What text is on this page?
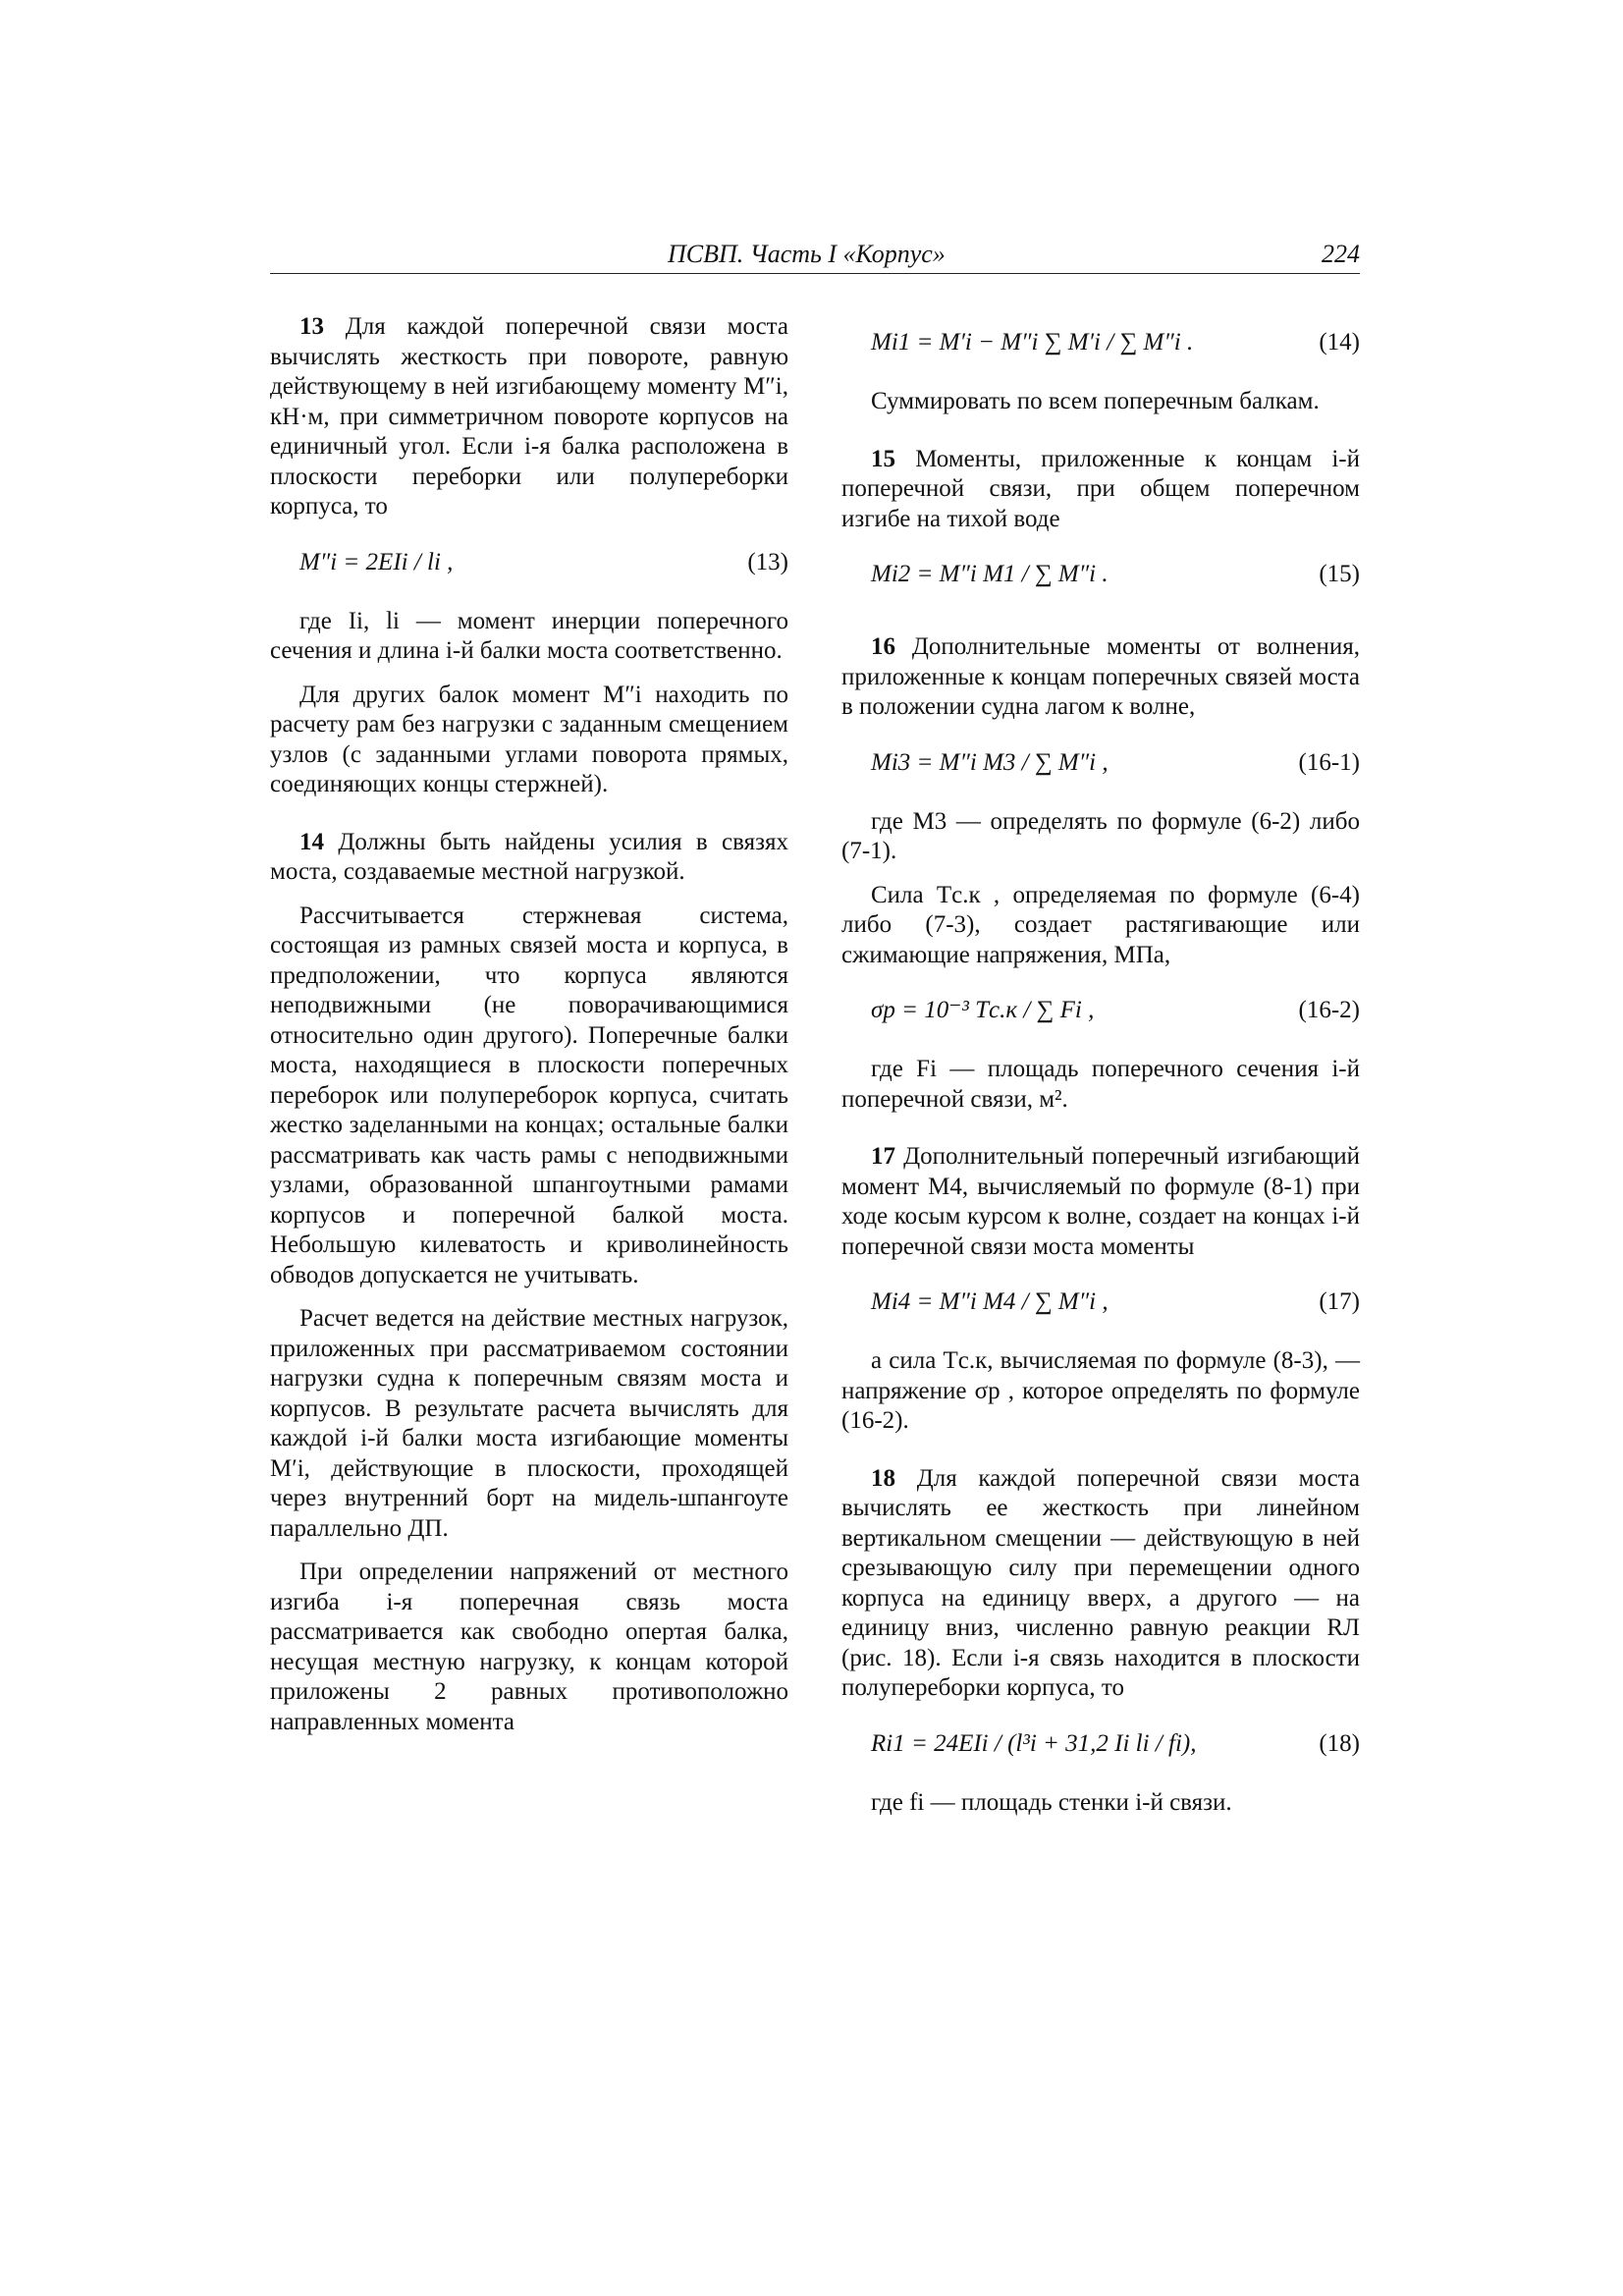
ПСВП. Часть I «Корпус»	224

13 Для каждой поперечной связи моста вычислять жесткость при повороте, равную действующему в ней изгибающему моменту M″i, кН·м, при симметричном повороте корпусов на единичный угол. Если i-я балка расположена в плоскости переборки или полупереборки корпуса, то

M″i = 2EIi / li ,	(13)

где Ii, li — момент инерции поперечного сечения и длина i-й балки моста соответственно.

Для других балок момент M″i находить по расчету рам без нагрузки с заданным смещением узлов (с заданными углами поворота прямых, соединяющих концы стержней).

14 Должны быть найдены усилия в связях моста, создаваемые местной нагрузкой.

Рассчитывается стержневая система, состоящая из рамных связей моста и корпуса, в предположении, что корпуса являются неподвижными (не поворачивающимися относительно один другого). Поперечные балки моста, находящиеся в плоскости поперечных переборок или полупереборок корпуса, считать жестко заделанными на концах; остальные балки рассматривать как часть рамы с неподвижными узлами, образованной шпангоутными рамами корпусов и поперечной балкой моста. Небольшую килеватость и криволинейность обводов допускается не учитывать.

Расчет ведется на действие местных нагрузок, приложенных при рассматриваемом состоянии нагрузки судна к поперечным связям моста и корпусов. В результате расчета вычислять для каждой i-й балки моста изгибающие моменты M′i, действующие в плоскости, проходящей через внутренний борт на мидель-шпангоуте параллельно ДП.

При определении напряжений от местного изгиба i-я поперечная связь моста рассматривается как свободно опертая балка, несущая местную нагрузку, к концам которой приложены 2 равных противоположно направленных момента

Mi1 = M′i − M″i ∑ M′i / ∑ M″i .	(14)

Суммировать по всем поперечным балкам.

15 Моменты, приложенные к концам i-й поперечной связи, при общем поперечном изгибе на тихой воде

Mi2 = M″i M1 / ∑ M″i .	(15)

16 Дополнительные моменты от волнения, приложенные к концам поперечных связей моста в положении судна лагом к волне,

Mi3 = M″i M3 / ∑ M″i ,	(16-1)

где M3 — определять по формуле (6-2) либо (7-1).

Сила Tс.к , определяемая по формуле (6-4) либо (7-3), создает растягивающие или сжимающие напряжения, МПа,

σр = 10⁻³ Tс.к / ∑ Fi ,	(16-2)

где Fi — площадь поперечного сечения i-й поперечной связи, м².

17 Дополнительный поперечный изгибающий момент M4, вычисляемый по формуле (8-1) при ходе косым курсом к волне, создает на концах i-й поперечной связи моста моменты

Mi4 = M″i M4 / ∑ M″i ,	(17)

а сила Tс.к, вычисляемая по формуле (8-3), — напряжение σр , которое определять по формуле (16-2).

18 Для каждой поперечной связи моста вычислять ее жесткость при линейном вертикальном смещении — действующую в ней срезывающую силу при перемещении одного корпуса на единицу вверх, а другого — на единицу вниз, численно равную реакции RЛ (рис. 18). Если i-я связь находится в плоскости полупереборки корпуса, то

Ri1 = 24EIi / (l³i + 31,2 Ii li / fi),	(18)

где fi — площадь стенки i-й связи.
